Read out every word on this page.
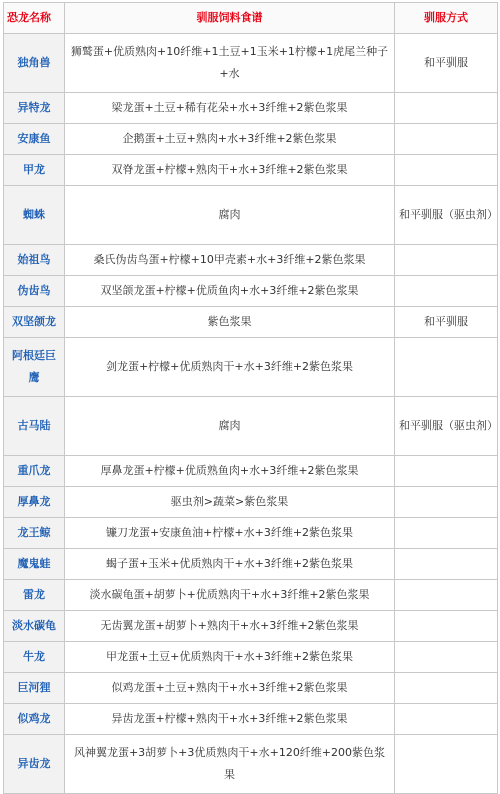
恐龙名称	驯服饲料食谱	驯服方式
独角兽	狮鹫蛋+优质熟肉+10纤维+1土豆+1玉米+1柠檬+1虎尾兰种子+水	和平驯服
异特龙	梁龙蛋+土豆+稀有花朵+水+3纤维+2紫色浆果	
安康鱼	企鹅蛋+土豆+熟肉+水+3纤维+2紫色浆果	
甲龙	双脊龙蛋+柠檬+熟肉干+水+3纤维+2紫色浆果	
蜘蛛	腐肉	和平驯服（驱虫剂）
始祖鸟	桑氏伪齿鸟蛋+柠檬+10甲壳素+水+3纤维+2紫色浆果	
伪齿鸟	双坚颌龙蛋+柠檬+优质鱼肉+水+3纤维+2紫色浆果	
双坚颌龙	紫色浆果	和平驯服
阿根廷巨鹰	剑龙蛋+柠檬+优质熟肉干+水+3纤维+2紫色浆果	
古马陆	腐肉	和平驯服（驱虫剂）
重爪龙	厚鼻龙蛋+柠檬+优质熟鱼肉+水+3纤维+2紫色浆果	
厚鼻龙	驱虫剂>蔬菜>紫色浆果	
龙王鲸	镰刀龙蛋+安康鱼油+柠檬+水+3纤维+2紫色浆果	
魔鬼蛙	蝎子蛋+玉米+优质熟肉干+水+3纤维+2紫色浆果	
雷龙	淡水碳龟蛋+胡萝卜+优质熟肉干+水+3纤维+2紫色浆果	
淡水碳龟	无齿翼龙蛋+胡萝卜+熟肉干+水+3纤维+2紫色浆果	
牛龙	甲龙蛋+土豆+优质熟肉干+水+3纤维+2紫色浆果	
巨河狸	似鸡龙蛋+土豆+熟肉干+水+3纤维+2紫色浆果	
似鸡龙	异齿龙蛋+柠檬+熟肉干+水+3纤维+2紫色浆果	
异齿龙	风神翼龙蛋+3胡萝卜+3优质熟肉干+水+120纤维+200紫色浆果	
